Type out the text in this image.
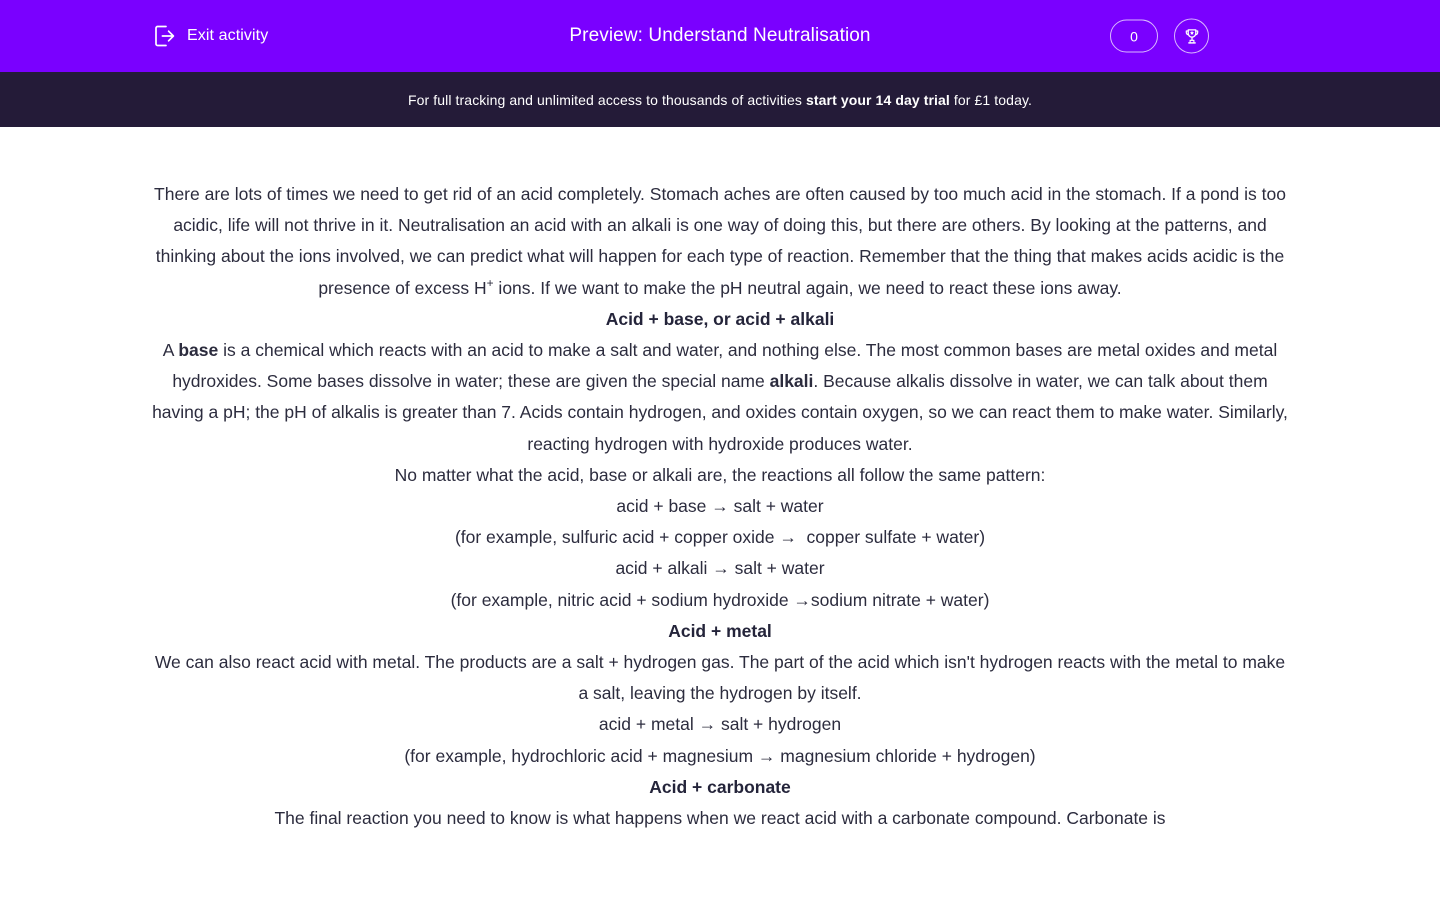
Exit activity	Preview: Understand Neutralisation	0
For full tracking and unlimited access to thousands of activities start your 14 day trial for £1 today.

There are lots of times we need to get rid of an acid completely. Stomach aches are often caused by too much acid in the stomach. If a pond is too acidic, life will not thrive in it. Neutralisation an acid with an alkali is one way of doing this, but there are others. By looking at the patterns, and thinking about the ions involved, we can predict what will happen for each type of reaction. Remember that the thing that makes acids acidic is the presence of excess H+ ions. If we want to make the pH neutral again, we need to react these ions away.

Acid + base, or acid + alkali

A base is a chemical which reacts with an acid to make a salt and water, and nothing else. The most common bases are metal oxides and metal hydroxides. Some bases dissolve in water; these are given the special name alkali. Because alkalis dissolve in water, we can talk about them having a pH; the pH of alkalis is greater than 7. Acids contain hydrogen, and oxides contain oxygen, so we can react them to make water. Similarly, reacting hydrogen with hydroxide produces water.

No matter what the acid, base or alkali are, the reactions all follow the same pattern:

acid + base → salt + water

(for example, sulfuric acid + copper oxide →  copper sulfate + water)

acid + alkali → salt + water

(for example, nitric acid + sodium hydroxide →sodium nitrate + water)

Acid + metal

We can also react acid with metal. The products are a salt + hydrogen gas. The part of the acid which isn't hydrogen reacts with the metal to make a salt, leaving the hydrogen by itself.

acid + metal → salt + hydrogen

(for example, hydrochloric acid + magnesium → magnesium chloride + hydrogen)

Acid + carbonate

The final reaction you need to know is what happens when we react acid with a carbonate compound. Carbonate is
